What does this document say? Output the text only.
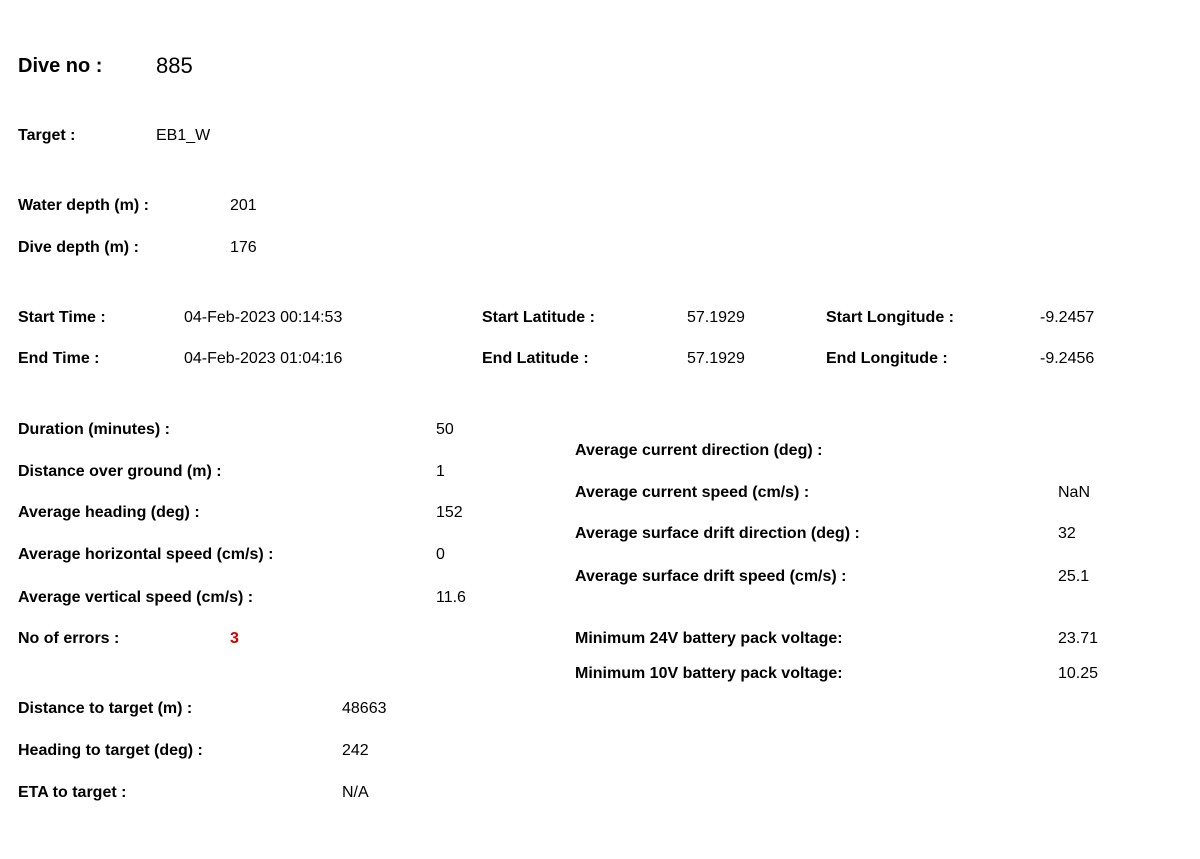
Dive no : 885
Target :	EB1_W
Water depth (m) :	201
Dive depth (m) :	176
Start Time :	04-Feb-2023 00:14:53
End Time :	04-Feb-2023 01:04:16
Start Latitude :	57.1929
End Latitude :	57.1929
Start Longitude :	-9.2457
End Longitude :	-9.2456
Duration (minutes) :	50
Distance over ground (m) :	1
Average heading (deg) :	152
Average horizontal speed (cm/s) :	0
Average vertical speed (cm/s) :	11.6
No of errors :	3
Average current direction (deg) :
Average current speed (cm/s) :	NaN
Average surface drift direction (deg) :	32
Average surface drift speed (cm/s) :	25.1
Minimum 24V battery pack voltage:	23.71
Minimum 10V battery pack voltage:	10.25
Distance to target (m) :	48663
Heading to target (deg) :	242
ETA to target :	N/A
